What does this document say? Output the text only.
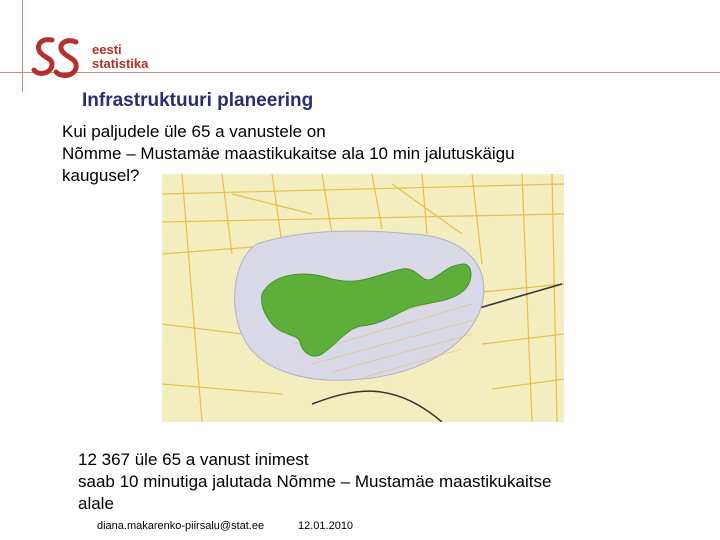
eesti
statistika
Infrastruktuuri planeering
Kui paljudele üle 65 a vanustele on
Nõmme – Mustamäe maastikukaitse ala 10 min jalutuskäigu
kaugusel?
12 367 üle 65 a vanust inimest
saab 10 minutiga jalutada Nõmme – Mustamäe maastikukaitse
alale
diana.makarenko-piirsalu@stat.ee	12.01.2010
